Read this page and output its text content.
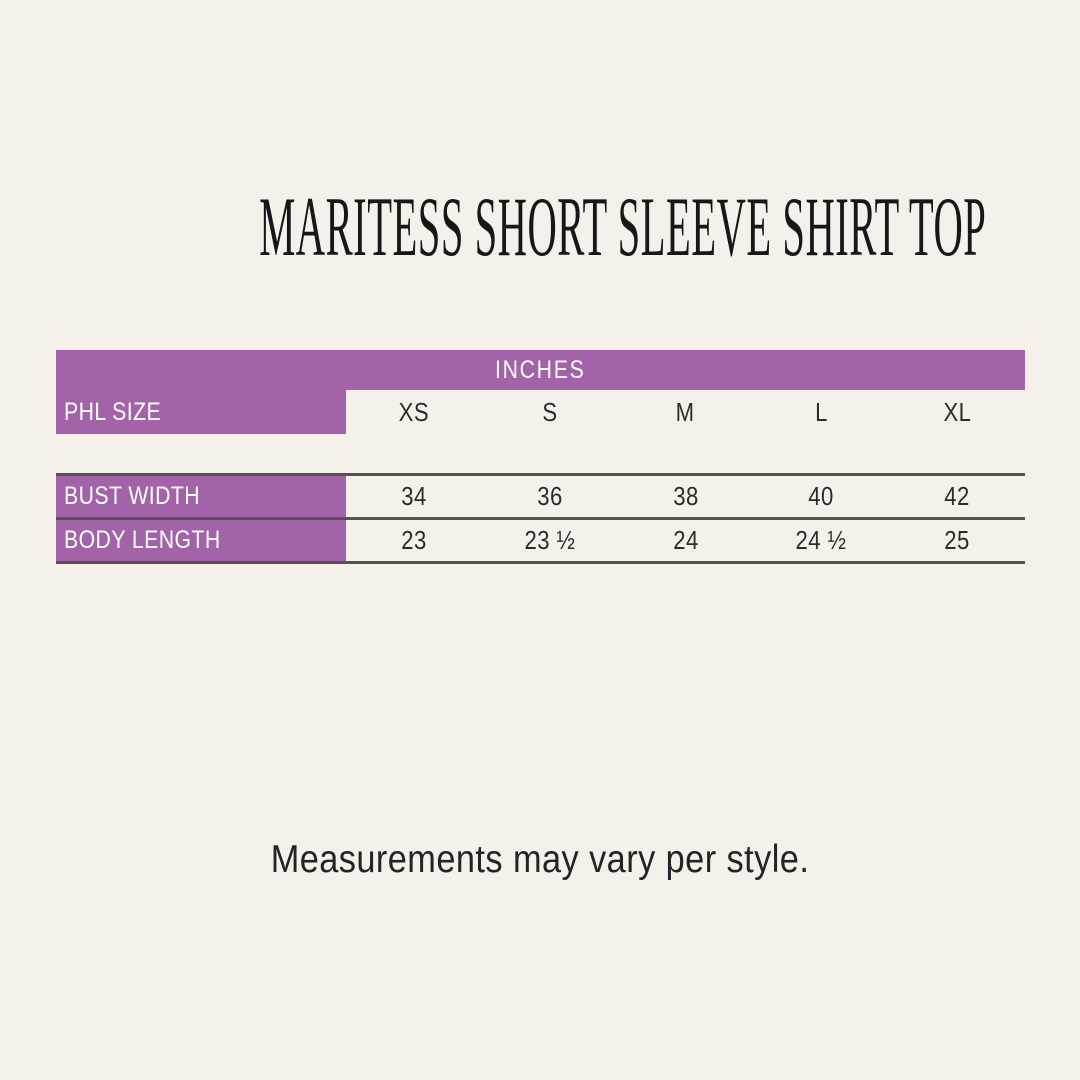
MARITESS SHORT SLEEVE SHIRT TOP
INCHES
PHL SIZE	XS	S	M	L	XL
BUST WIDTH	34	36	38	40	42
BODY LENGTH	23	23 ½	24	24 ½	25

Measurements may vary per style.
